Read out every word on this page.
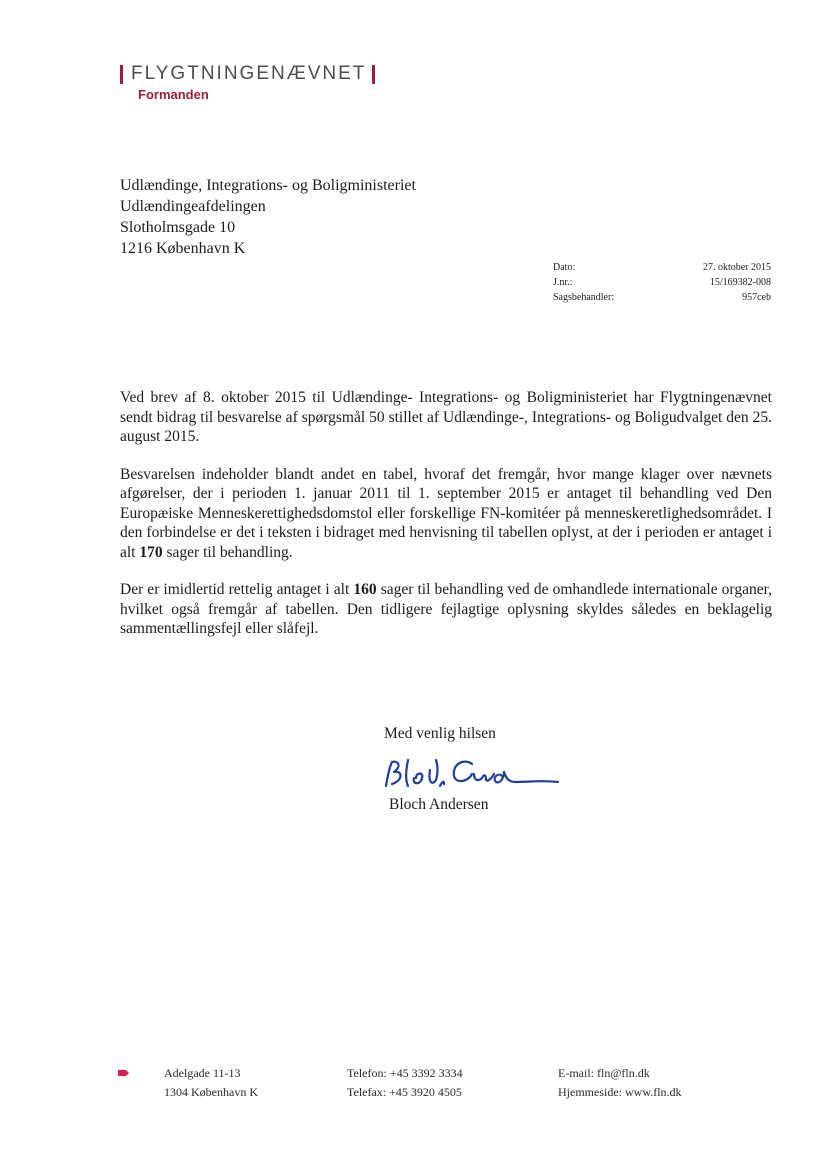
FLYGTNINGENÆVNET
Formanden
Udlændinge, Integrations- og Boligministeriet
Udlændingeafdelingen
Slotholmsgade 10
1216 København K
Dato:	27. oktober 2015
J.nr.:	15/169382-008
Sagsbehandler:	957ceb

Ved brev af 8. oktober 2015 til Udlændinge- Integrations- og Boligministeriet har Flygtningenævnet sendt bidrag til besvarelse af spørgsmål 50 stillet af Udlændinge-, Integrations- og Boligudvalget den 25. august 2015.

Besvarelsen indeholder blandt andet en tabel, hvoraf det fremgår, hvor mange klager over nævnets afgørelser, der i perioden 1. januar 2011 til 1. september 2015 er antaget til behandling ved Den Europæiske Menneskerettighedsdomstol eller forskellige FN-komitéer på menneskeretlighedsområdet. I den forbindelse er det i teksten i bidraget med henvisning til tabellen oplyst, at der i perioden er antaget i alt 170 sager til behandling.

Der er imidlertid rettelig antaget i alt 160 sager til behandling ved de omhandlede internationale organer, hvilket også fremgår af tabellen. Den tidligere fejlagtige oplysning skyldes således en beklagelig sammentællingsfejl eller slåfejl.

Med venlig hilsen
Bloch Andersen
Adelgade 11-13
1304 København K
Telefon: +45 3392 3334
Telefax: +45 3920 4505
E-mail: fln@fln.dk
Hjemmeside: www.fln.dk
